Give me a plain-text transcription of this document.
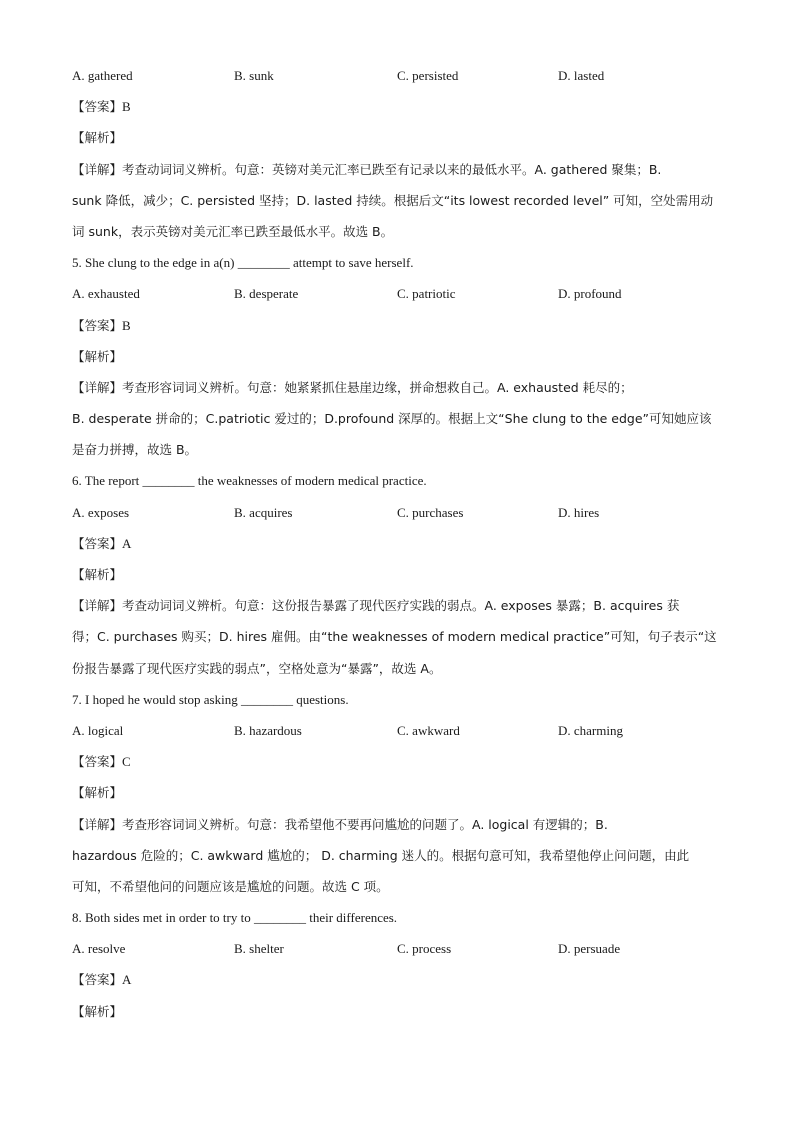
A. gathered	B. sunk	C. persisted	D. lasted
【答案】B
【解析】
【详解】考查动词词义辨析。句意：英镑对美元汇率已跌至有记录以来的最低水平。A. gathered 聚集；B.
sunk 降低，减少；C. persisted 坚持；D. lasted 持续。根据后文“its lowest recorded level” 可知，空处需用动
词 sunk，表示英镑对美元汇率已跌至最低水平。故选 B。
5. She clung to the edge in a(n) ________ attempt to save herself.
A. exhausted	B. desperate	C. patriotic	D. profound
【答案】B
【解析】
【详解】考查形容词词义辨析。句意：她紧紧抓住悬崖边缘，拼命想救自己。A. exhausted 耗尽的；
B. desperate 拼命的；C.patriotic 爱过的；D.profound 深厚的。根据上文“She clung to the edge”可知她应该
是奋力拼搏，故选 B。
6. The report ________ the weaknesses of modern medical practice.
A. exposes	B. acquires	C. purchases	D. hires
【答案】A
【解析】
【详解】考查动词词义辨析。句意：这份报告暴露了现代医疗实践的弱点。A. exposes 暴露；B. acquires 获
得；C. purchases 购买；D. hires 雇佣。由“the weaknesses of modern medical practice”可知，句子表示“这
份报告暴露了现代医疗实践的弱点”，空格处意为“暴露”，故选 A。
7. I hoped he would stop asking ________ questions.
A. logical	B. hazardous	C. awkward	D. charming
【答案】C
【解析】
【详解】考查形容词词义辨析。句意：我希望他不要再问尴尬的问题了。A. logical 有逻辑的；B.
hazardous 危险的；C. awkward 尴尬的； D. charming 迷人的。根据句意可知，我希望他停止问问题，由此
可知，不希望他问的问题应该是尴尬的问题。故选 C 项。
8. Both sides met in order to try to ________ their differences.
A. resolve	B. shelter	C. process	D. persuade
【答案】A
【解析】
